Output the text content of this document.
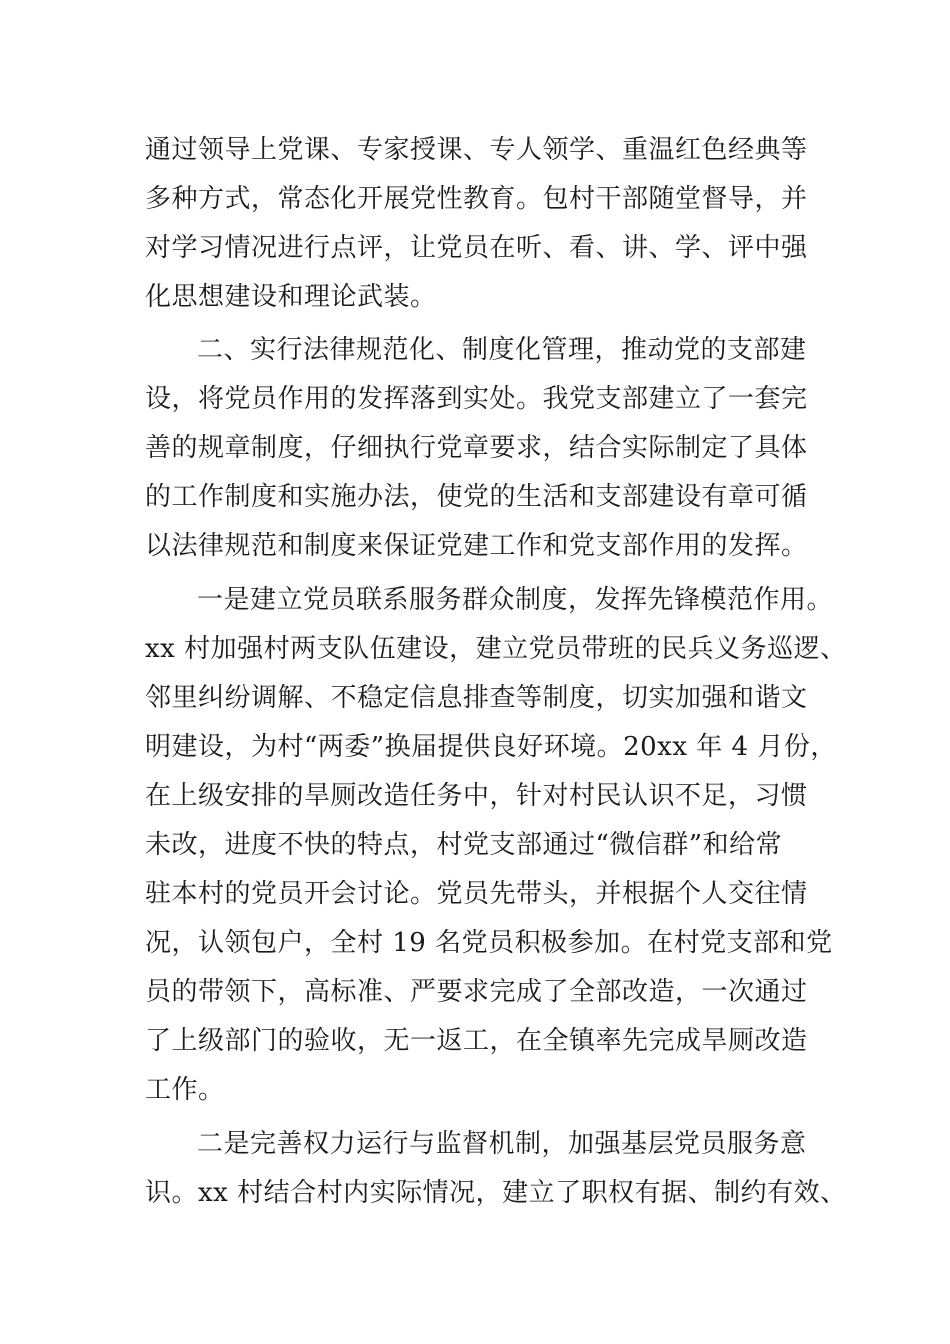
通过领导上党课、专家授课、专人领学、重温红色经典等
多种方式，常态化开展党性教育。包村干部随堂督导，并
对学习情况进行点评，让党员在听、看、讲、学、评中强
化思想建设和理论武装。
二、实行法律规范化、制度化管理，推动党的支部建
设，将党员作用的发挥落到实处。我党支部建立了一套完
善的规章制度，仔细执行党章要求，结合实际制定了具体
的工作制度和实施办法，使党的生活和支部建设有章可循
以法律规范和制度来保证党建工作和党支部作用的发挥。
一是建立党员联系服务群众制度，发挥先锋模范作用。
xx 村加强村两支队伍建设，建立党员带班的民兵义务巡逻、
邻里纠纷调解、不稳定信息排查等制度，切实加强和谐文
明建设，为村“两委”换届提供良好环境。20xx 年 4 月份，
在上级安排的旱厕改造任务中，针对村民认识不足，习惯
未改，进度不快的特点，村党支部通过“微信群”和给常
驻本村的党员开会讨论。党员先带头，并根据个人交往情
况，认领包户，全村 19 名党员积极参加。在村党支部和党
员的带领下，高标准、严要求完成了全部改造，一次通过
了上级部门的验收，无一返工，在全镇率先完成旱厕改造
工作。
二是完善权力运行与监督机制，加强基层党员服务意
识。xx 村结合村内实际情况，建立了职权有据、制约有效、
